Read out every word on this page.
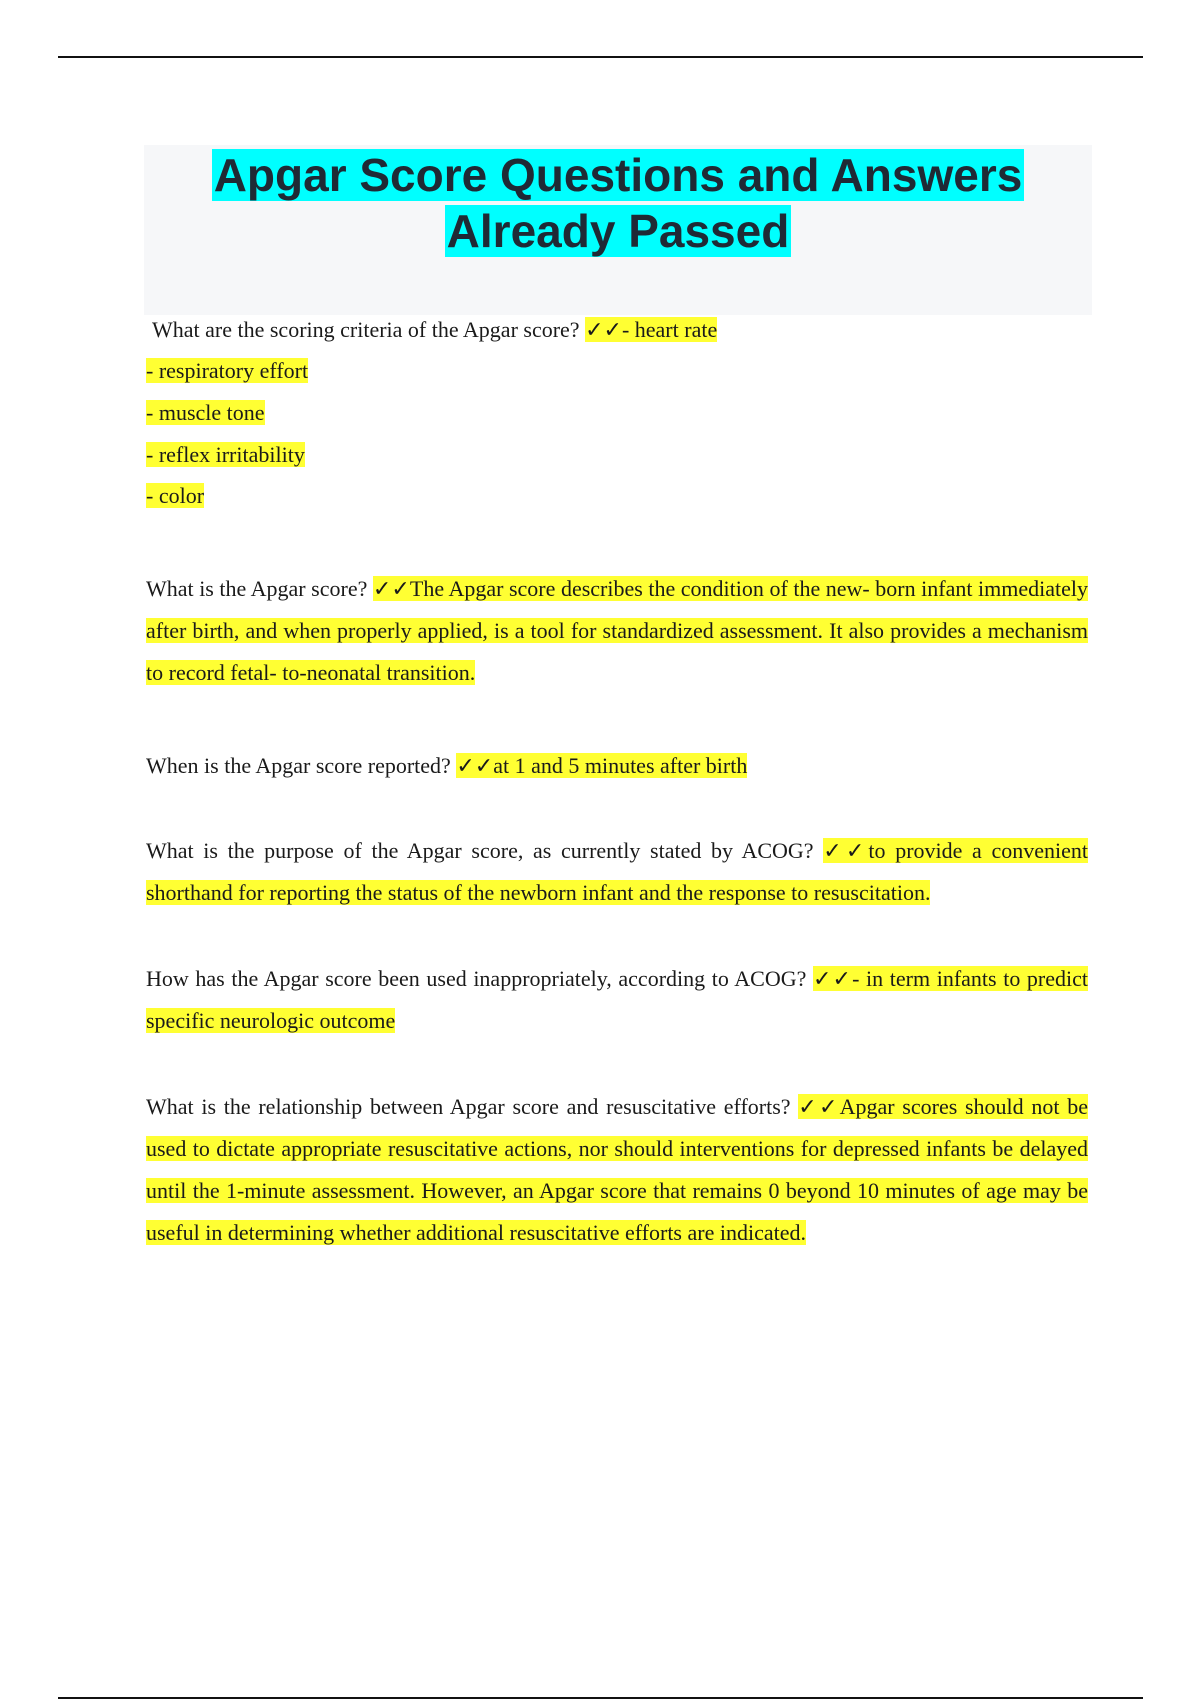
Apgar Score Questions and Answers
Already Passed

What are the scoring criteria of the Apgar score? ✓✓- heart rate

- respiratory effort
- muscle tone
- reflex irritability
- color

What is the Apgar score? ✓✓The Apgar score describes the condition of the new- born infant immediately after birth, and when properly applied, is a tool for standardized assessment. It also provides a mechanism to record fetal- to-neonatal transition.

When is the Apgar score reported? ✓✓at 1 and 5 minutes after birth

What is the purpose of the Apgar score, as currently stated by ACOG? ✓✓to provide a convenient shorthand for reporting the status of the newborn infant and the response to resuscitation.

How has the Apgar score been used inappropriately, according to ACOG? ✓✓- in term infants to predict specific neurologic outcome

What is the relationship between Apgar score and resuscitative efforts? ✓✓Apgar scores should not be used to dictate appropriate resuscitative actions, nor should interventions for depressed infants be delayed until the 1-minute assessment. However, an Apgar score that remains 0 beyond 10 minutes of age may be useful in determining whether additional resuscitative efforts are indicated.
